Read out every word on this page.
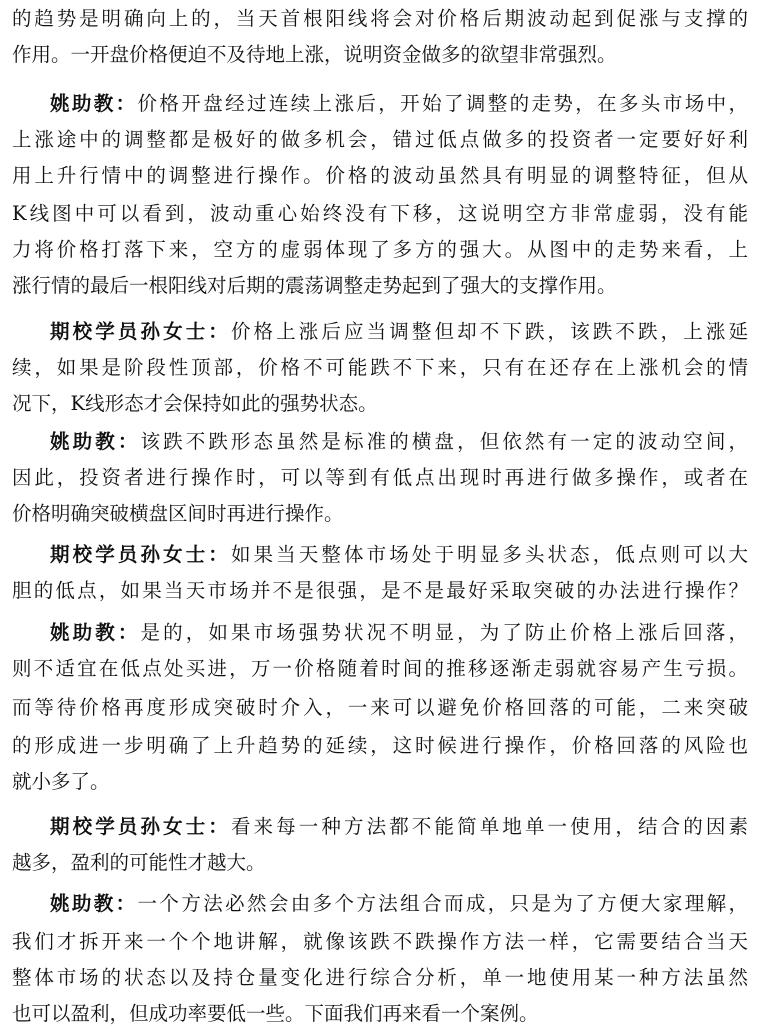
的趋势是明确向上的，当天首根阳线将会对价格后期波动起到促涨与支撑的
作用。一开盘价格便迫不及待地上涨，说明资金做多的欲望非常强烈。
姚助教：价格开盘经过连续上涨后，开始了调整的走势，在多头市场中，
上涨途中的调整都是极好的做多机会，错过低点做多的投资者一定要好好利
用上升行情中的调整进行操作。价格的波动虽然具有明显的调整特征，但从
K线图中可以看到，波动重心始终没有下移，这说明空方非常虚弱，没有能
力将价格打落下来，空方的虚弱体现了多方的强大。从图中的走势来看，上
涨行情的最后一根阳线对后期的震荡调整走势起到了强大的支撑作用。
期校学员孙女士：价格上涨后应当调整但却不下跌，该跌不跌，上涨延
续，如果是阶段性顶部，价格不可能跌不下来，只有在还存在上涨机会的情
况下，K线形态才会保持如此的强势状态。
姚助教：该跌不跌形态虽然是标准的横盘，但依然有一定的波动空间，
因此，投资者进行操作时，可以等到有低点出现时再进行做多操作，或者在
价格明确突破横盘区间时再进行操作。
期校学员孙女士：如果当天整体市场处于明显多头状态，低点则可以大
胆的低点，如果当天市场并不是很强，是不是最好采取突破的办法进行操作？
姚助教：是的，如果市场强势状况不明显，为了防止价格上涨后回落，
则不适宜在低点处买进，万一价格随着时间的推移逐渐走弱就容易产生亏损。
而等待价格再度形成突破时介入，一来可以避免价格回落的可能，二来突破
的形成进一步明确了上升趋势的延续，这时候进行操作，价格回落的风险也
就小多了。
期校学员孙女士：看来每一种方法都不能简单地单一使用，结合的因素
越多，盈利的可能性才越大。
姚助教：一个方法必然会由多个方法组合而成，只是为了方便大家理解，
我们才拆开来一个个地讲解，就像该跌不跌操作方法一样，它需要结合当天
整体市场的状态以及持仓量变化进行综合分析，单一地使用某一种方法虽然
也可以盈利，但成功率要低一些。下面我们再来看一个案例。
